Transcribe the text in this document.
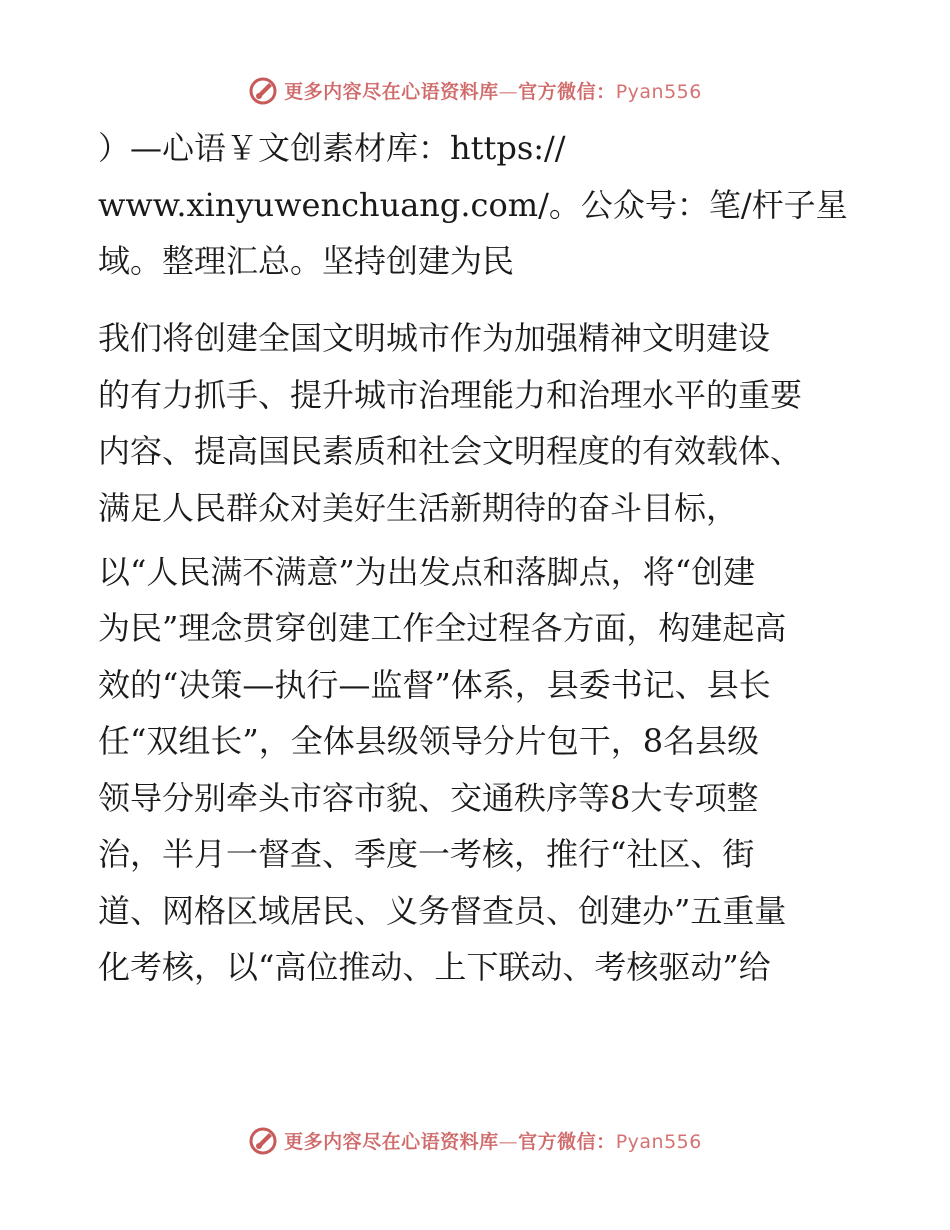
更多内容尽在心语资料库—官方微信：Pyan556
）—心语￥文创素材库：https://
www.xinyuwenchuang.com/。公众号：笔/杆子星
域。整理汇总。坚持创建为民
我们将创建全国文明城市作为加强精神文明建设
的有力抓手、提升城市治理能力和治理水平的重要
内容、提高国民素质和社会文明程度的有效载体、
满足人民群众对美好生活新期待的奋斗目标，
以“人民满不满意”为出发点和落脚点，将“创建
为民”理念贯穿创建工作全过程各方面，构建起高
效的“决策—执行—监督”体系，县委书记、县长
任“双组长”，全体县级领导分片包干，8名县级
领导分别牵头市容市貌、交通秩序等8大专项整
治，半月一督查、季度一考核，推行“社区、街
道、网格区域居民、义务督查员、创建办”五重量
化考核，以“高位推动、上下联动、考核驱动”给
更多内容尽在心语资料库—官方微信：Pyan556
